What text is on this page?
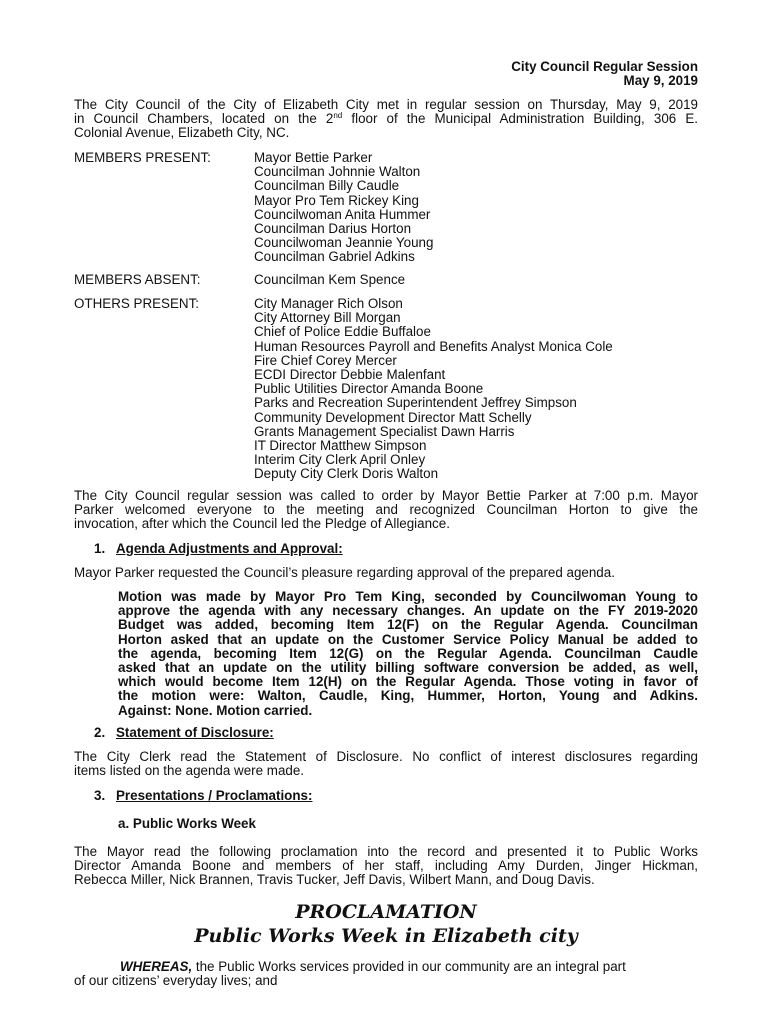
City Council Regular Session
May 9, 2019
The City Council of the City of Elizabeth City met in regular session on Thursday, May 9, 2019
in Council Chambers, located on the 2nd floor of the Municipal Administration Building, 306 E.
Colonial Avenue, Elizabeth City, NC.
MEMBERS PRESENT:	Mayor Bettie Parker
Councilman Johnnie Walton
Councilman Billy Caudle
Mayor Pro Tem Rickey King
Councilwoman Anita Hummer
Councilman Darius Horton
Councilwoman Jeannie Young
Councilman Gabriel Adkins
MEMBERS ABSENT:	Councilman Kem Spence
OTHERS PRESENT:	City Manager Rich Olson
City Attorney Bill Morgan
Chief of Police Eddie Buffaloe
Human Resources Payroll and Benefits Analyst Monica Cole
Fire Chief Corey Mercer
ECDI Director Debbie Malenfant
Public Utilities Director Amanda Boone
Parks and Recreation Superintendent Jeffrey Simpson
Community Development Director Matt Schelly
Grants Management Specialist Dawn Harris
IT Director Matthew Simpson
Interim City Clerk April Onley
Deputy City Clerk Doris Walton
The City Council regular session was called to order by Mayor Bettie Parker at 7:00 p.m. Mayor
Parker welcomed everyone to the meeting and recognized Councilman Horton to give the
invocation, after which the Council led the Pledge of Allegiance.
1. Agenda Adjustments and Approval:
Mayor Parker requested the Council’s pleasure regarding approval of the prepared agenda.
Motion was made by Mayor Pro Tem King, seconded by Councilwoman Young to
approve the agenda with any necessary changes. An update on the FY 2019-2020
Budget was added, becoming Item 12(F) on the Regular Agenda. Councilman
Horton asked that an update on the Customer Service Policy Manual be added to
the agenda, becoming Item 12(G) on the Regular Agenda. Councilman Caudle
asked that an update on the utility billing software conversion be added, as well,
which would become Item 12(H) on the Regular Agenda. Those voting in favor of
the motion were: Walton, Caudle, King, Hummer, Horton, Young and Adkins.
Against: None. Motion carried.
2. Statement of Disclosure:
The City Clerk read the Statement of Disclosure. No conflict of interest disclosures regarding
items listed on the agenda were made.
3. Presentations / Proclamations:
a. Public Works Week
The Mayor read the following proclamation into the record and presented it to Public Works
Director Amanda Boone and members of her staff, including Amy Durden, Jinger Hickman,
Rebecca Miller, Nick Brannen, Travis Tucker, Jeff Davis, Wilbert Mann, and Doug Davis.
PROCLAMATION
Public Works Week in Elizabeth city
WHEREAS, the Public Works services provided in our community are an integral part
of our citizens’ everyday lives; and
